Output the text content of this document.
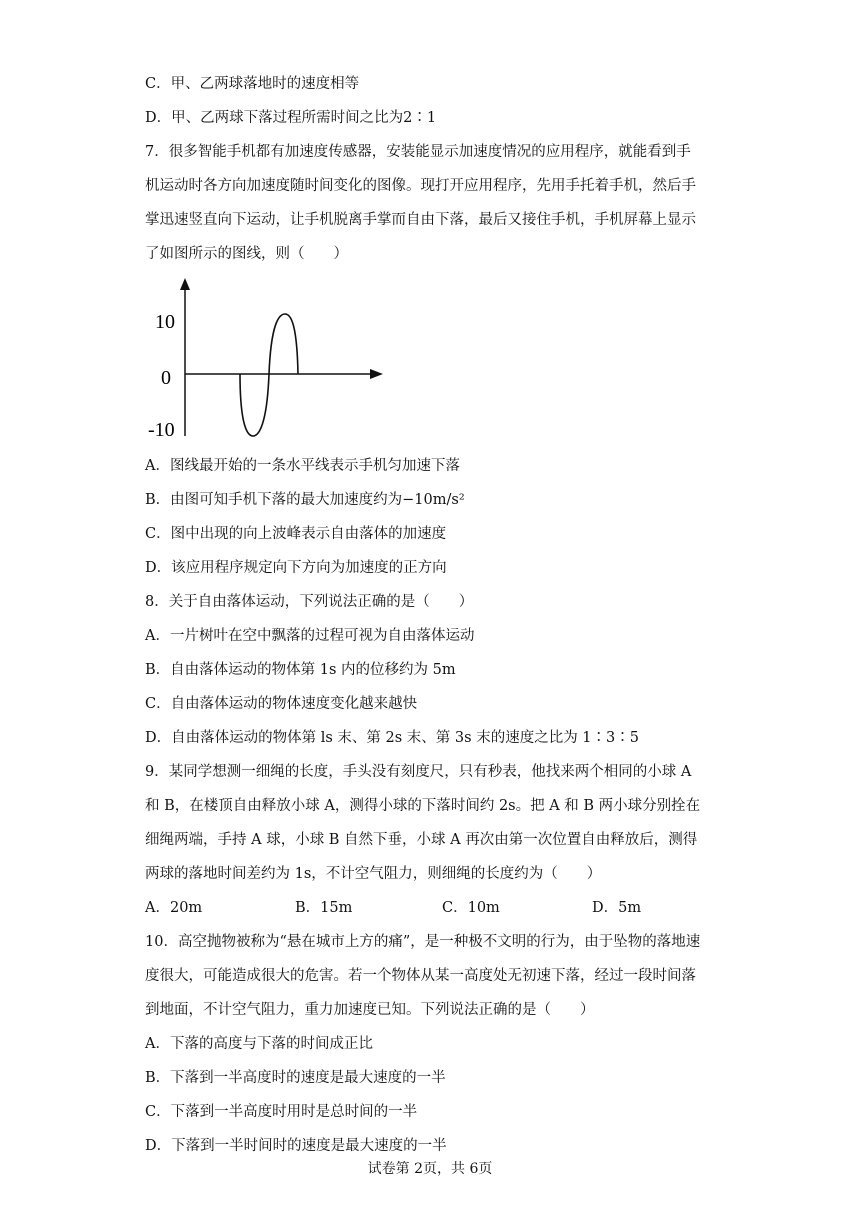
C．甲、乙两球落地时的速度相等
D．甲、乙两球下落过程所需时间之比为2∶1
7．很多智能手机都有加速度传感器，安装能显示加速度情况的应用程序，就能看到手
机运动时各方向加速度随时间变化的图像。现打开应用程序，先用手托着手机，然后手
掌迅速竖直向下运动，让手机脱离手掌而自由下落，最后又接住手机，手机屏幕上显示
了如图所示的图线，则（　　）
10
0
-10
A．图线最开始的一条水平线表示手机匀加速下落
B．由图可知手机下落的最大加速度约为−10m/s²
C．图中出现的向上波峰表示自由落体的加速度
D．该应用程序规定向下方向为加速度的正方向
8．关于自由落体运动，下列说法正确的是（　　）
A．一片树叶在空中飘落的过程可视为自由落体运动
B．自由落体运动的物体第 1s 内的位移约为 5m
C．自由落体运动的物体速度变化越来越快
D．自由落体运动的物体第 ls 末、第 2s 末、第 3s 末的速度之比为 1∶3∶5
9．某同学想测一细绳的长度，手头没有刻度尺，只有秒表，他找来两个相同的小球 A
和 B，在楼顶自由释放小球 A，测得小球的下落时间约 2s。把 A 和 B 两小球分别拴在
细绳两端，手持 A 球，小球 B 自然下垂，小球 A 再次由第一次位置自由释放后，测得
两球的落地时间差约为 1s，不计空气阻力，则细绳的长度约为（　　）
A．20m	B．15m	C．10m	D．5m
10．高空抛物被称为“悬在城市上方的痛”，是一种极不文明的行为，由于坠物的落地速
度很大，可能造成很大的危害。若一个物体从某一高度处无初速下落，经过一段时间落
到地面，不计空气阻力，重力加速度已知。下列说法正确的是（　　）
A．下落的高度与下落的时间成正比
B．下落到一半高度时的速度是最大速度的一半
C．下落到一半高度时用时是总时间的一半
D．下落到一半时间时的速度是最大速度的一半
试卷第 2页，共 6页
